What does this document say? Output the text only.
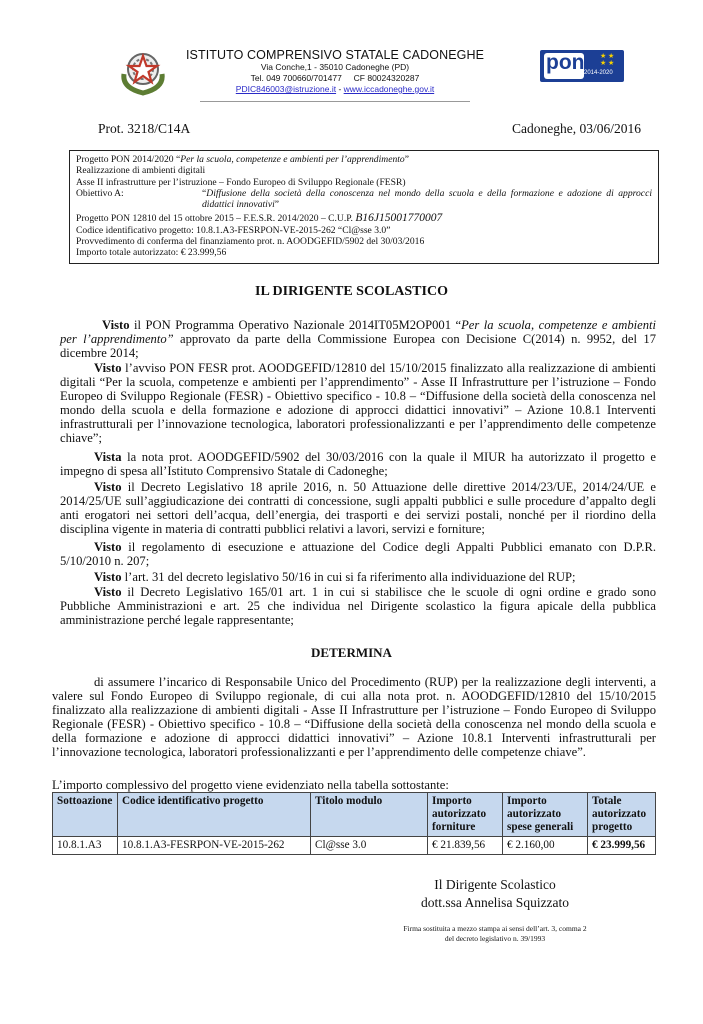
ISTITUTO COMPRENSIVO STATALE CADONEGHE
Via Conche,1 - 35010 Cadoneghe (PD)
Tel. 049 700660/701477     CF 80024320287
PDIC846003@istruzione.it - www.iccadoneghe.gov.it
pon 2014-2020
★ ★
★ ★
Prot. 3218/C14A	Cadoneghe, 03/06/2016
Progetto PON 2014/2020 “Per la scuola, competenze e ambienti per l’apprendimento”
Realizzazione di ambienti digitali
Asse II infrastrutture per l’istruzione – Fondo Europeo di Sviluppo Regionale (FESR)
Obiettivo A:	“Diffusione della società della conoscenza nel mondo della scuola e della formazione e adozione di approcci didattici innovativi”
Progetto PON 12810 del 15 ottobre 2015 – F.E.S.R. 2014/2020 – C.U.P. B16J15001770007
Codice identificativo progetto: 10.8.1.A3-FESRPON-VE-2015-262 “Cl@sse 3.0”
Provvedimento di conferma del finanziamento prot. n. AOODGEFID/5902 del 30/03/2016
Importo totale autorizzato: € 23.999,56
IL DIRIGENTE SCOLASTICO
Visto il PON Programma Operativo Nazionale 2014IT05M2OP001 “Per la scuola, competenze e ambienti per l’apprendimento” approvato da parte della Commissione Europea con Decisione C(2014) n. 9952, del 17 dicembre 2014;
Visto l’avviso PON FESR prot. AOODGEFID/12810 del 15/10/2015 finalizzato alla realizzazione di ambienti digitali “Per la scuola, competenze e ambienti per l’apprendimento” - Asse II Infrastrutture per l’istruzione – Fondo Europeo di Sviluppo Regionale (FESR) - Obiettivo specifico - 10.8 – “Diffusione della società della conoscenza nel mondo della scuola e della formazione e adozione di approcci didattici innovativi” – Azione 10.8.1 Interventi infrastrutturali per l’innovazione tecnologica, laboratori professionalizzanti e per l’apprendimento delle competenze chiave”;
Vista la nota prot. AOODGEFID/5902 del 30/03/2016 con la quale il MIUR ha autorizzato il progetto e impegno di spesa all’Istituto Comprensivo Statale di Cadoneghe;
Visto il Decreto Legislativo 18 aprile 2016, n. 50 Attuazione delle direttive 2014/23/UE, 2014/24/UE e 2014/25/UE sull’aggiudicazione dei contratti di concessione, sugli appalti pubblici e sulle procedure d’appalto degli anti erogatori nei settori dell’acqua, dell’energia, dei trasporti e dei servizi postali, nonché per il riordino della disciplina vigente in materia di contratti pubblici relativi a lavori, servizi e forniture;
Visto il regolamento di esecuzione e attuazione del Codice degli Appalti Pubblici emanato con D.P.R. 5/10/2010 n. 207;
Visto l’art. 31 del decreto legislativo 50/16 in cui si fa riferimento alla individuazione del RUP;
Visto il Decreto Legislativo 165/01 art. 1 in cui si stabilisce che le scuole di ogni ordine e grado sono Pubbliche Amministrazioni e art. 25 che individua nel Dirigente scolastico la figura apicale della pubblica amministrazione perché legale rappresentante;
DETERMINA
di assumere l’incarico di Responsabile Unico del Procedimento (RUP) per la realizzazione degli interventi, a valere sul Fondo Europeo di Sviluppo regionale, di cui alla nota prot. n. AOODGEFID/12810 del 15/10/2015 finalizzato alla realizzazione di ambienti digitali - Asse II Infrastrutture per l’istruzione – Fondo Europeo di Sviluppo Regionale (FESR) - Obiettivo specifico - 10.8 – “Diffusione della società della conoscenza nel mondo della scuola e della formazione e adozione di approcci didattici innovativi” – Azione 10.8.1 Interventi infrastrutturali per l’innovazione tecnologica, laboratori professionalizzanti e per l’apprendimento delle competenze chiave”.
L’importo complessivo del progetto viene evidenziato nella tabella sottostante:
Sottoazione	Codice identificativo progetto	Titolo modulo	Importo autorizzato forniture	Importo autorizzato spese generali	Totale autorizzato progetto
10.8.1.A3	10.8.1.A3-FESRPON-VE-2015-262	Cl@sse 3.0	€ 21.839,56	€ 2.160,00	€ 23.999,56
Il Dirigente Scolastico
dott.ssa Annelisa Squizzato
Firma sostituita a mezzo stampa ai sensi dell’art. 3, comma 2
del decreto legislativo n. 39/1993
